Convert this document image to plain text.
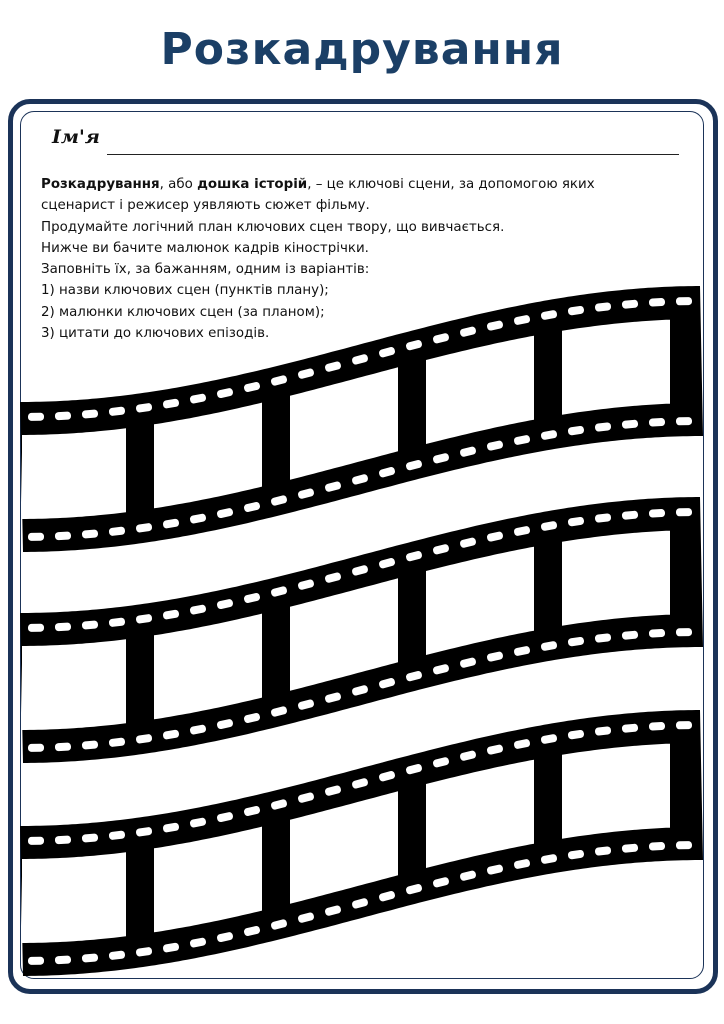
Розкадрування
Ім'я
Розкадрування, або дошка історій, – це ключові сцени, за допомогою яких
сценарист і режисер уявляють сюжет фільму.
Продумайте логічний план ключових сцен твору, що вивчається.
Нижче ви бачите малюнок кадрів кінострічки.
Заповніть їх, за бажанням, одним із варіантів:
1) назви ключових сцен (пунктів плану);
2) малюнки ключових сцен (за планом);
3) цитати до ключових епізодів.
